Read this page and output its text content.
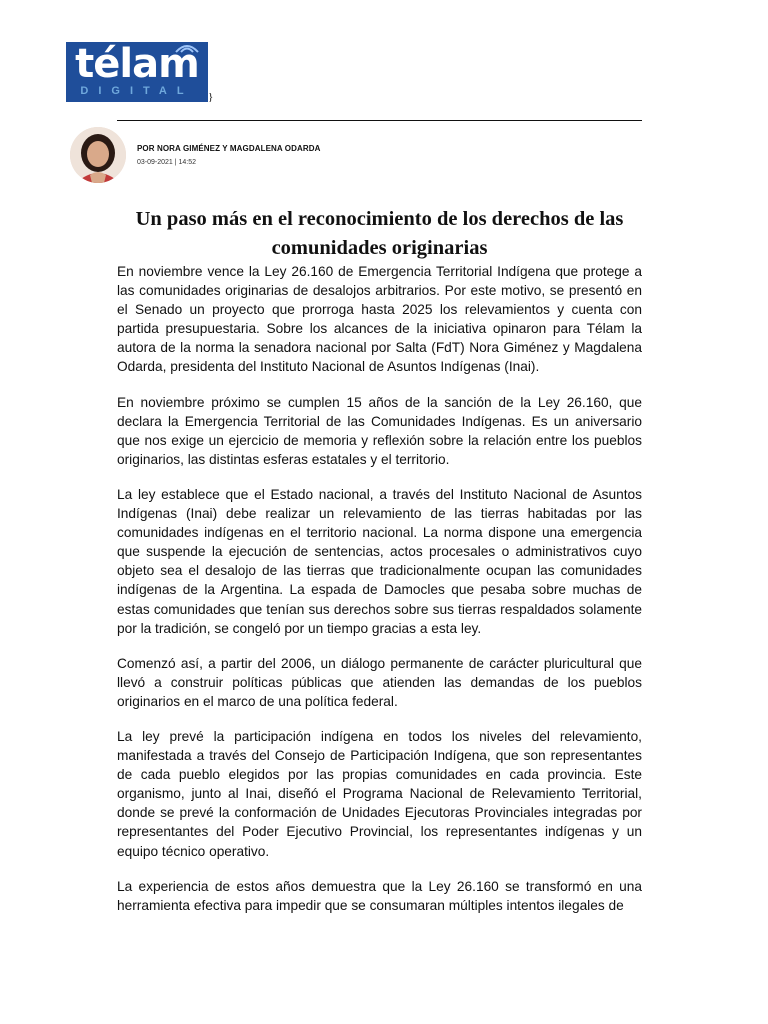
télam
DIGITAL	}
POR NORA GIMÉNEZ Y MAGDALENA ODARDA
03-09-2021 | 14:52
Un paso más en el reconocimiento de los derechos de las comunidades originarias

En noviembre vence la Ley 26.160 de Emergencia Territorial Indígena que protege a las comunidades originarias de desalojos arbitrarios. Por este motivo, se presentó en el Senado un proyecto que prorroga hasta 2025 los relevamientos y cuenta con partida presupuestaria. Sobre los alcances de la iniciativa opinaron para Télam la autora de la norma la senadora nacional por Salta (FdT) Nora Giménez y Magdalena Odarda, presidenta del Instituto Nacional de Asuntos Indígenas (Inai).

En noviembre próximo se cumplen 15 años de la sanción de la Ley 26.160, que declara la Emergencia Territorial de las Comunidades Indígenas. Es un aniversario que nos exige un ejercicio de memoria y reflexión sobre la relación entre los pueblos originarios, las distintas esferas estatales y el territorio.

La ley establece que el Estado nacional, a través del Instituto Nacional de Asuntos Indígenas (Inai) debe realizar un relevamiento de las tierras habitadas por las comunidades indígenas en el territorio nacional. La norma dispone una emergencia que suspende la ejecución de sentencias, actos procesales o administrativos cuyo objeto sea el desalojo de las tierras que tradicionalmente ocupan las comunidades indígenas de la Argentina. La espada de Damocles que pesaba sobre muchas de estas comunidades que tenían sus derechos sobre sus tierras respaldados solamente por la tradición, se congeló por un tiempo gracias a esta ley.

Comenzó así, a partir del 2006, un diálogo permanente de carácter pluricultural que llevó a construir políticas públicas que atienden las demandas de los pueblos originarios en el marco de una política federal.

La ley prevé la participación indígena en todos los niveles del relevamiento, manifestada a través del Consejo de Participación Indígena, que son representantes de cada pueblo elegidos por las propias comunidades en cada provincia. Este organismo, junto al Inai, diseñó el Programa Nacional de Relevamiento Territorial, donde se prevé la conformación de Unidades Ejecutoras Provinciales integradas por representantes del Poder Ejecutivo Provincial, los representantes indígenas y un equipo técnico operativo.

La experiencia de estos años demuestra que la Ley 26.160 se transformó en una herramienta efectiva para impedir que se consumaran múltiples intentos ilegales de
